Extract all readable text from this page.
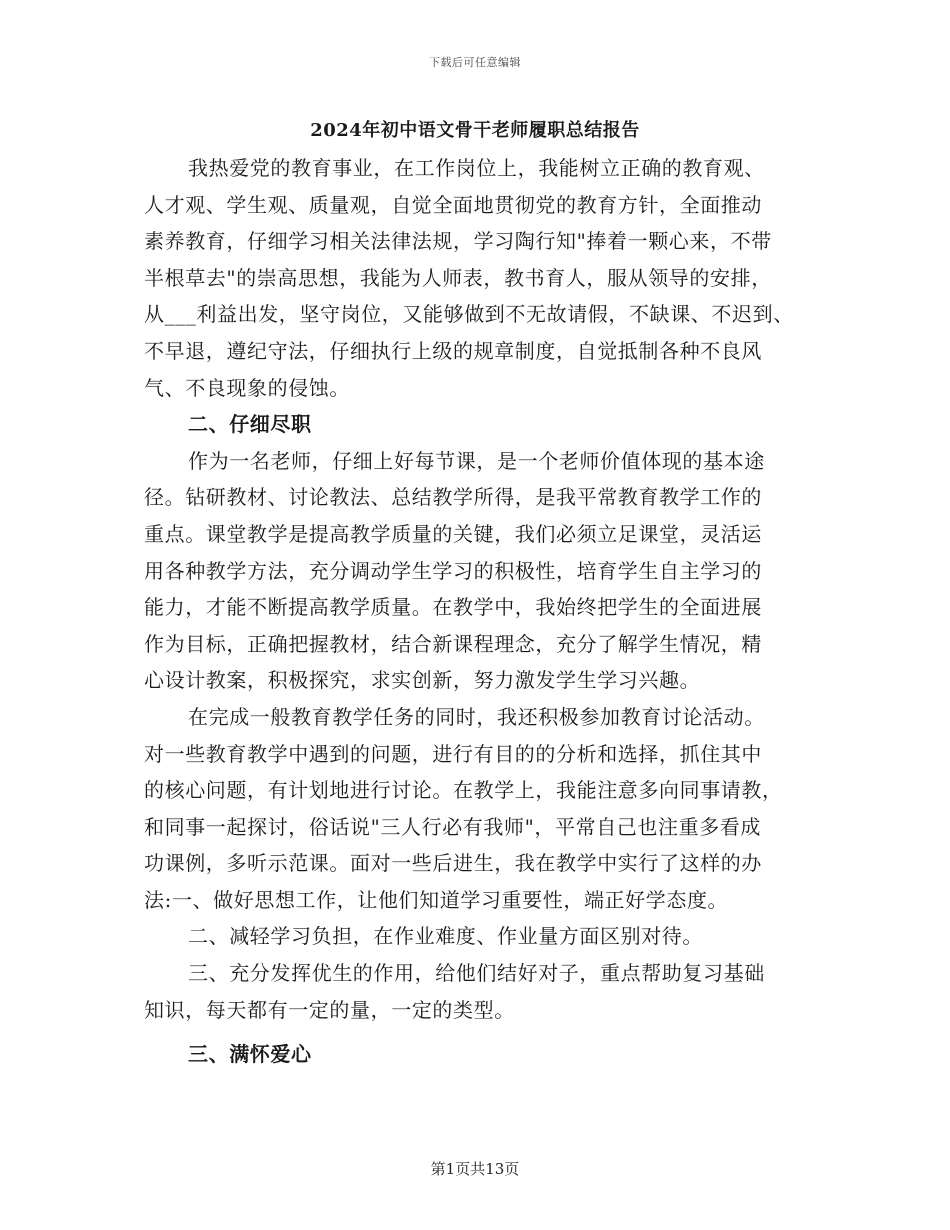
下载后可任意编辑
2024年初中语文骨干老师履职总结报告
我热爱党的教育事业，在工作岗位上，我能树立正确的教育观、
人才观、学生观、质量观，自觉全面地贯彻党的教育方针，全面推动
素养教育，仔细学习相关法律法规，学习陶行知"捧着一颗心来，不带
半根草去"的崇高思想，我能为人师表，教书育人，服从领导的安排，
从___利益出发，坚守岗位，又能够做到不无故请假，不缺课、不迟到、
不早退，遵纪守法，仔细执行上级的规章制度，自觉抵制各种不良风
气、不良现象的侵蚀。
二、仔细尽职
作为一名老师，仔细上好每节课，是一个老师价值体现的基本途
径。钻研教材、讨论教法、总结教学所得，是我平常教育教学工作的
重点。课堂教学是提高教学质量的关键，我们必须立足课堂，灵活运
用各种教学方法，充分调动学生学习的积极性，培育学生自主学习的
能力，才能不断提高教学质量。在教学中，我始终把学生的全面进展
作为目标，正确把握教材，结合新课程理念，充分了解学生情况，精
心设计教案，积极探究，求实创新，努力激发学生学习兴趣。
在完成一般教育教学任务的同时，我还积极参加教育讨论活动。
对一些教育教学中遇到的问题，进行有目的的分析和选择，抓住其中
的核心问题，有计划地进行讨论。在教学上，我能注意多向同事请教，
和同事一起探讨，俗话说"三人行必有我师"，平常自己也注重多看成
功课例，多听示范课。面对一些后进生，我在教学中实行了这样的办
法:一、做好思想工作，让他们知道学习重要性，端正好学态度。
二、减轻学习负担，在作业难度、作业量方面区别对待。
三、充分发挥优生的作用，给他们结好对子，重点帮助复习基础
知识，每天都有一定的量，一定的类型。
三、满怀爱心
第1页共13页
